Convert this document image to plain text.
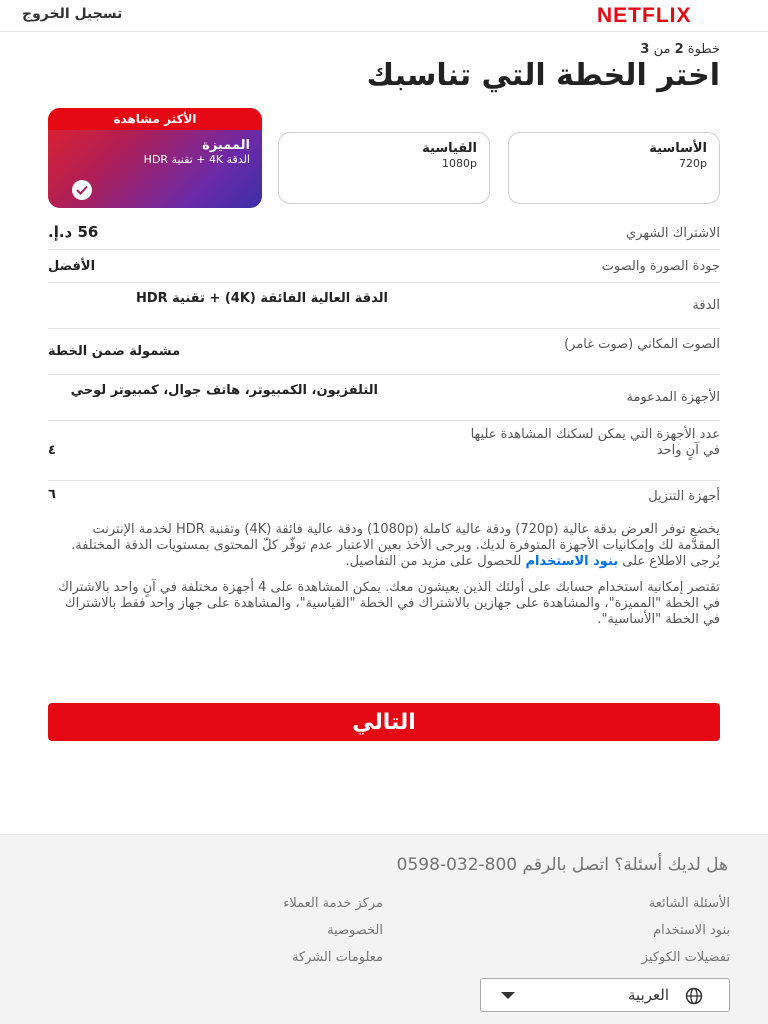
NETFLIX
تسجيل الخروج
خطوة 2 من 3
اختر الخطة التي تناسبك
الأساسية
720p
القياسية
1080p
الأكثر مشاهدة
المميزة
الدقة 4K + تقنية HDR
الاشتراك الشهري
56 د.إ.
جودة الصورة والصوت
الأفضل
الدقة
الدقة العالية الفائقة (4K) + تقنية HDR
الصوت المكاني (صوت غامر)
مشمولة ضمن الخطة
الأجهزة المدعومة
التلفزيون، الكمبيوتر، هاتف جوال، كمبيوتر لوحي
عدد الأجهزة التي يمكن لسكنك المشاهدة عليها في آنٍ واحد
٤
أجهزة التنزيل
٦

يخضع توفر العرض بدقة عالية (720p) ودقة عالية كاملة (1080p) ودقة عالية فائقة (4K) وتقنية HDR لخدمة الإنترنت المقدَّمة لك وإمكانيات الأجهزة المتوفرة لديك. ويرجى الأخذ بعين الاعتبار عدم توفّر كلّ المحتوى بمستويات الدقة المختلفة. يُرجى الاطلاع على بنود الاستخدام للحصول على مزيد من التفاصيل.

تقتصر إمكانية استخدام حسابك على أولئك الذين يعيشون معك. يمكن المشاهدة على 4 أجهزة مختلفة في آنٍ واحد بالاشتراك في الخطة "المميزة"، والمشاهدة على جهازين بالاشتراك في الخطة "القياسية"، والمشاهدة على جهاز واحد فقط بالاشتراك في الخطة "الأساسية".

التالي
هل لديك أسئلة؟ اتصل بالرقم 800-032-0598
الأسئلة الشائعة
مركز خدمة العملاء
بنود الاستخدام
الخصوصية
تفضيلات الكوكيز
معلومات الشركة
العربية
